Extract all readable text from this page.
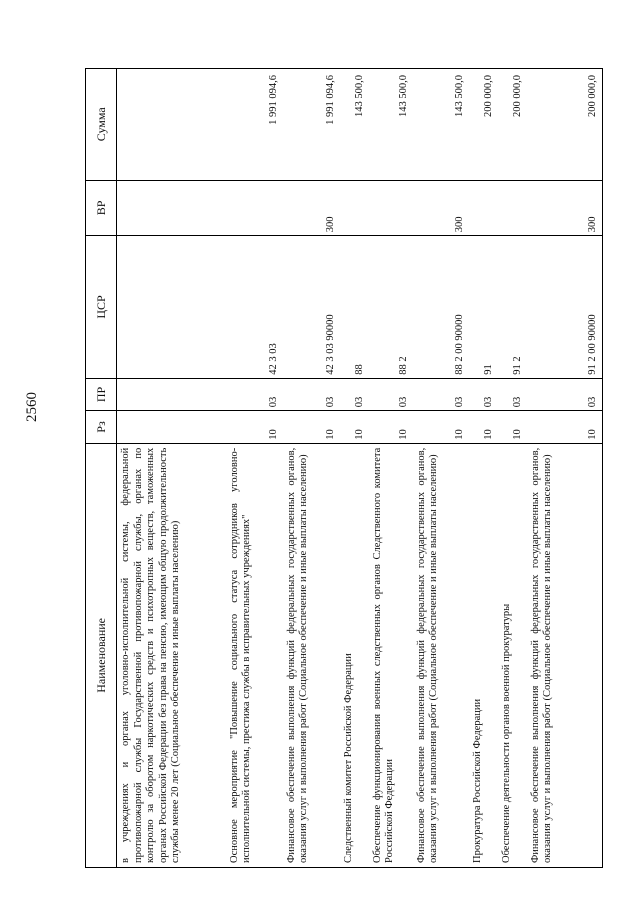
2560
Наименование	Рз	ПР	ЦСР	ВР	Сумма
в учреждениях и органах уголовно-исполнительной системы, федеральной противопожарной службы Государственной противопожарной службы, органах по контролю за оборотом наркотических средств и психотропных веществ, таможенных органах Российской Федерации без права на пенсию, имеющим общую продолжительность службы менее 20 лет (Социальное обеспечение и иные выплаты населению)					
Основное мероприятие "Повышение социального статуса сотрудников уголовно-исполнительной системы, престижа службы в исправительных учреждениях"	10	03	42 3 03		1 991 094,6
Финансовое обеспечение выполнения функций федеральных государственных органов, оказания услуг и выполнения работ (Социальное обеспечение и иные выплаты населению)	10	03	42 3 03 90000	300	1 991 094,6
Следственный комитет Российской Федерации	10	03	88		143 500,0
Обеспечение функционирования военных следственных органов Следственного комитета Российской Федерации	10	03	88 2		143 500,0
Финансовое обеспечение выполнения функций федеральных государственных органов, оказания услуг и выполнения работ (Социальное обеспечение и иные выплаты населению)	10	03	88 2 00 90000	300	143 500,0
Прокуратура Российской Федерации	10	03	91		200 000,0
Обеспечение деятельности органов военной прокуратуры	10	03	91 2		200 000,0
Финансовое обеспечение выполнения функций федеральных государственных органов, оказания услуг и выполнения работ (Социальное обеспечение и иные выплаты населению)	10	03	91 2 00 90000	300	200 000,0
